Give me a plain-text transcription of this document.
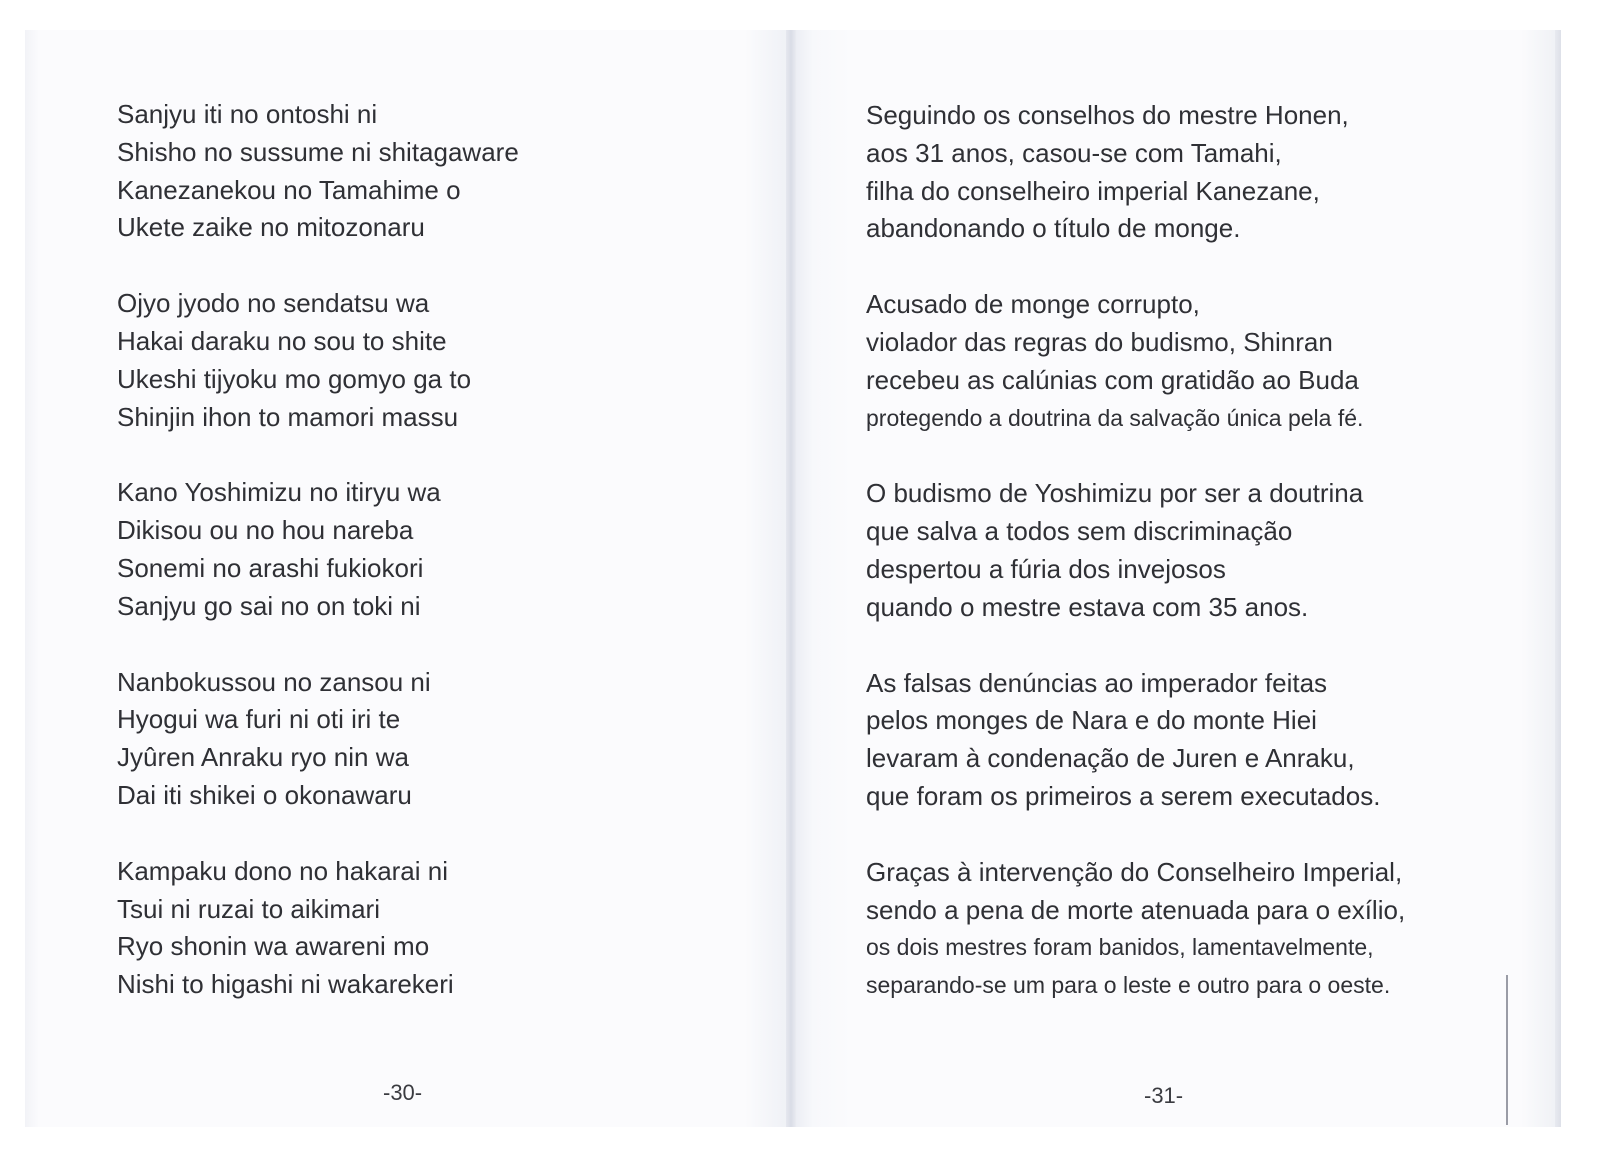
Sanjyu iti no ontoshi ni
Shisho no sussume ni shitagaware
Kanezanekou no Tamahime o
Ukete zaike no mitozonaru
Ojyo jyodo no sendatsu wa
Hakai daraku no sou to shite
Ukeshi tijyoku mo gomyo ga to
Shinjin ihon to mamori massu
Kano Yoshimizu no itiryu wa
Dikisou ou no hou nareba
Sonemi no arashi fukiokori
Sanjyu go sai no on toki ni
Nanbokussou no zansou ni
Hyogui wa furi ni oti iri te
Jyûren Anraku ryo nin wa
Dai iti shikei o okonawaru
Kampaku dono no hakarai ni
Tsui ni ruzai to aikimari
Ryo shonin wa awareni mo
Nishi to higashi ni wakarekeri
Seguindo os conselhos do mestre Honen,
aos 31 anos, casou-se com Tamahi,
filha do conselheiro imperial Kanezane,
abandonando o título de monge.
Acusado de monge corrupto,
violador das regras do budismo, Shinran
recebeu as calúnias com gratidão ao Buda
protegendo a doutrina da salvação única pela fé.
O budismo de Yoshimizu por ser a doutrina
que salva a todos sem discriminação
despertou a fúria dos invejosos
quando o mestre estava com 35 anos.
As falsas denúncias ao imperador feitas
pelos monges de Nara e do monte Hiei
levaram à condenação de Juren e Anraku,
que foram os primeiros a serem executados.
Graças à intervenção do Conselheiro Imperial,
sendo a pena de morte atenuada para o exílio,
os dois mestres foram banidos, lamentavelmente,
separando-se um para o leste e outro para o oeste.
-30-	-31-
